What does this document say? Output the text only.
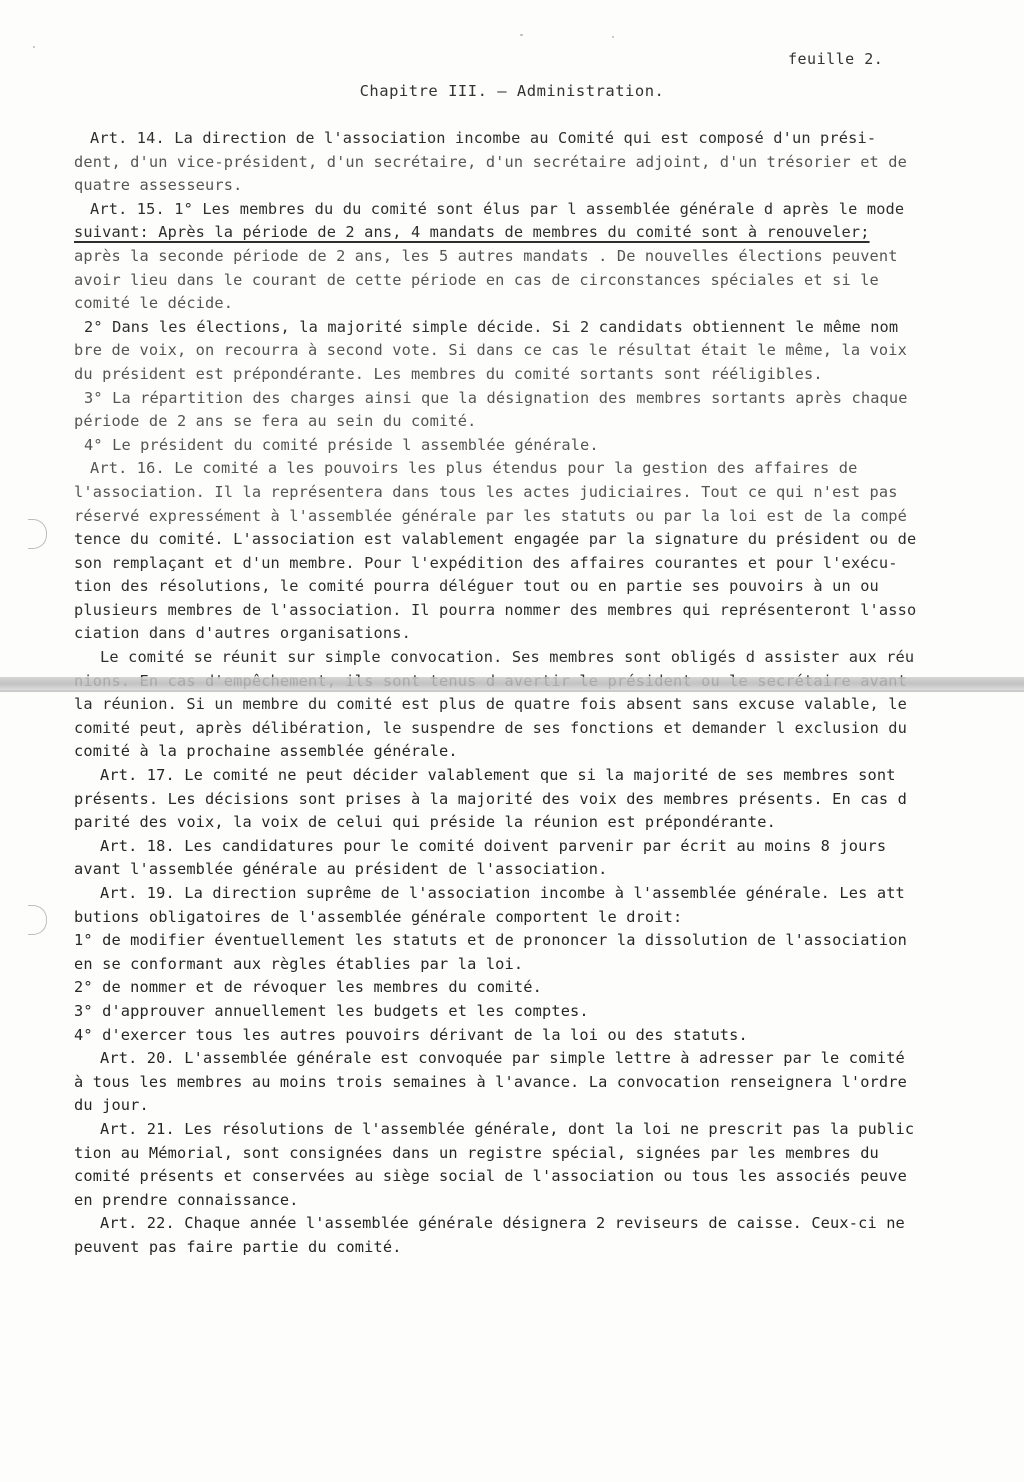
feuille 2.
Chapitre III. — Administration.
Art. 14. La direction de l'association incombe au Comité qui est composé d'un prési-
dent, d'un vice-président, d'un secrétaire, d'un secrétaire adjoint, d'un trésorier et de
quatre assesseurs.
Art. 15. 1° Les membres du du comité sont élus par l assemblée générale d après le mode
suivant: Après la période de 2 ans, 4 mandats de membres du comité sont à renouveler;
après la seconde période de 2 ans, les 5 autres mandats . De nouvelles élections peuvent
avoir lieu dans le courant de cette période en cas de circonstances spéciales et si le
comité le décide.
2° Dans les élections, la majorité simple décide. Si 2 candidats obtiennent le même nom
bre de voix, on recourra à second vote. Si dans ce cas le résultat était le même, la voix
du président est prépondérante. Les membres du comité sortants sont rééligibles.
3° La répartition des charges ainsi que la désignation des membres sortants après chaque
période de 2 ans se fera au sein du comité.
4° Le président du comité préside l assemblée générale.
Art. 16. Le comité a les pouvoirs les plus étendus pour la gestion des affaires de
l'association. Il la représentera dans tous les actes judiciaires. Tout ce qui n'est pas
réservé expressément à l'assemblée générale par les statuts ou par la loi est de la compé
tence du comité. L'association est valablement engagée par la signature du président ou de
son remplaçant et d'un membre. Pour l'expédition des affaires courantes et pour l'exécu-
tion des résolutions, le comité pourra déléguer tout ou en partie ses pouvoirs à un ou
plusieurs membres de l'association. Il pourra nommer des membres qui représenteront l'asso
ciation dans d'autres organisations.
Le comité se réunit sur simple convocation. Ses membres sont obligés d assister aux réu
la réunion. Si un membre du comité est plus de quatre fois absent sans excuse valable, le
comité peut, après délibération, le suspendre de ses fonctions et demander l exclusion du
comité à la prochaine assemblée générale.
Art. 17. Le comité ne peut décider valablement que si la majorité de ses membres sont
présents. Les décisions sont prises à la majorité des voix des membres présents. En cas d
parité des voix, la voix de celui qui préside la réunion est prépondérante.
Art. 18. Les candidatures pour le comité doivent parvenir par écrit au moins 8 jours
avant l'assemblée générale au président de l'association.
Art. 19. La direction suprême de l'association incombe à l'assemblée générale. Les att
butions obligatoires de l'assemblée générale comportent le droit:
1° de modifier éventuellement les statuts et de prononcer la dissolution de l'association
en se conformant aux règles établies par la loi.
2° de nommer et de révoquer les membres du comité.
3° d'approuver annuellement les budgets et les comptes.
4° d'exercer tous les autres pouvoirs dérivant de la loi ou des statuts.
Art. 20. L'assemblée générale est convoquée par simple lettre à adresser par le comité
à tous les membres au moins trois semaines à l'avance. La convocation renseignera l'ordre
du jour.
Art. 21. Les résolutions de l'assemblée générale, dont la loi ne prescrit pas la public
tion au Mémorial, sont consignées dans un registre spécial, signées par les membres du
comité présents et conservées au siège social de l'association ou tous les associés peuve
en prendre connaissance.
Art. 22. Chaque année l'assemblée générale désignera 2 reviseurs de caisse. Ceux-ci ne
peuvent pas faire partie du comité.
